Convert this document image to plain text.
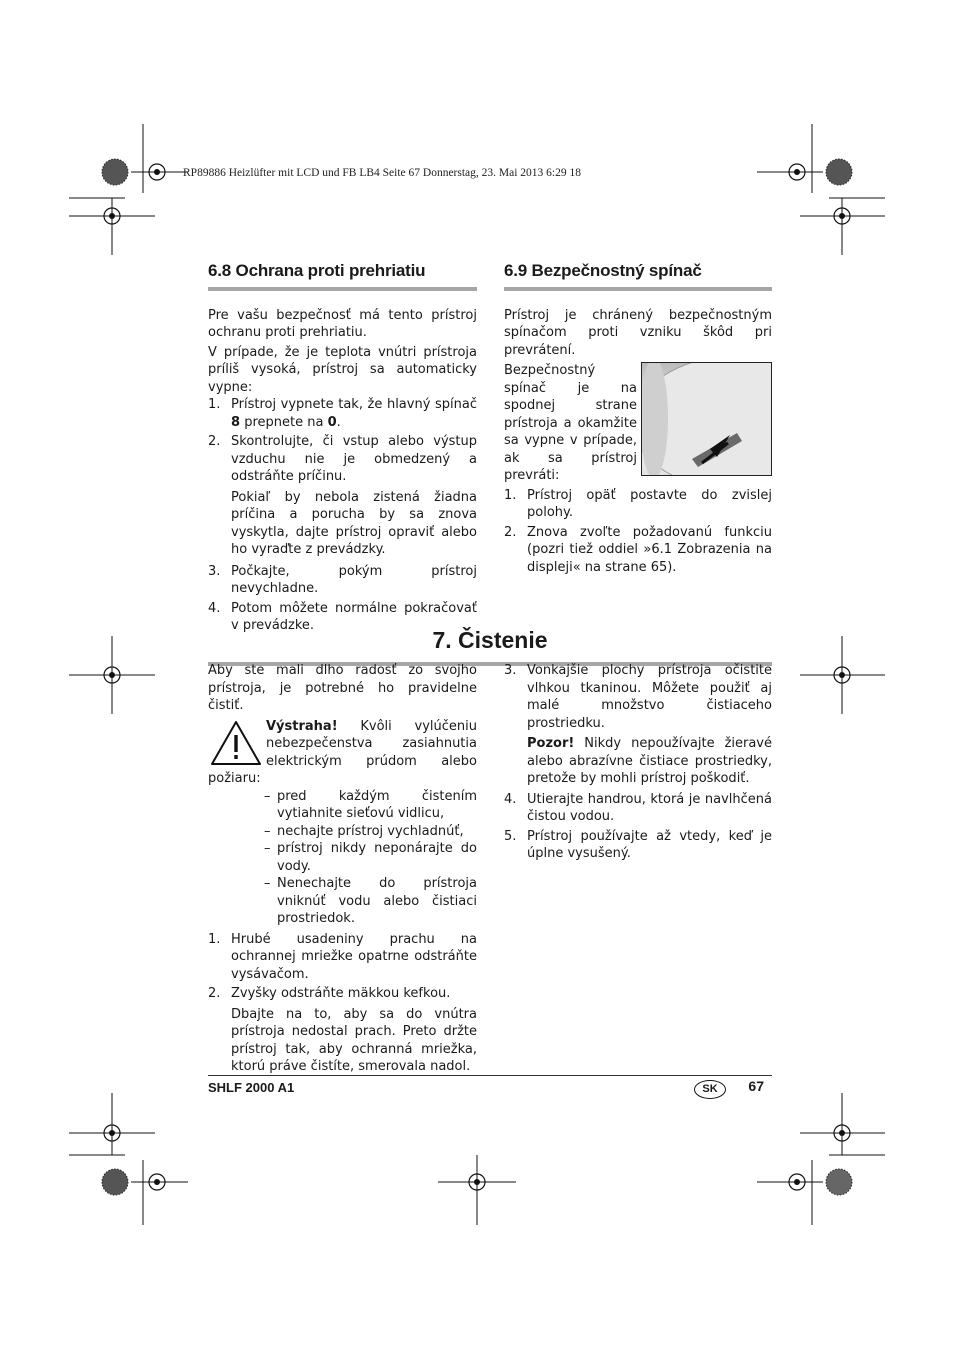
RP89886 Heizlüfter mit LCD und FB LB4 Seite 67 Donnerstag, 23. Mai 2013 6:29 18
6.8 Ochrana proti prehriatiu

Pre vašu bezpečnosť má tento prístroj ochranu proti prehriatiu.

V prípade, že je teplota vnútri prístroja príliš vysoká, prístroj sa automaticky vypne:

1. Prístroj vypnete tak, že hlavný spínač 8 prepnete na 0.
2. Skontrolujte, či vstup alebo výstup vzduchu nie je obmedzený a odstráňte príčinu.

Pokiaľ by nebola zistená žiadna príčina a porucha by sa znova vyskytla, dajte prístroj opraviť alebo ho vyraďte z prevádzky.

3. Počkajte, pokým prístroj nevychladne.
4. Potom môžete normálne pokračovať v prevádzke.
6.9 Bezpečnostný spínač

Prístroj je chránený bezpečnostným spínačom proti vzniku škôd pri prevrátení.

Bezpečnostný spínač je na spodnej strane prístroja a okamžite sa vypne v prípade, ak sa prístroj prevráti:

1. Prístroj opäť postavte do zvislej polohy.
2. Znova zvoľte požadovanú funkciu (pozri tiež oddiel »6.1 Zobrazenia na displeji« na strane 65).
7. Čistenie

Aby ste mali dlho radosť zo svojho prístroja, je potrebné ho pravidelne čistiť.

Výstraha! Kvôli vylúčeniu nebezpečenstva zasiahnutia elektrickým prúdom alebo požiaru:

– pred každým čistením vytiahnite sieťovú vidlicu,
– nechajte prístroj vychladnúť,
– prístroj nikdy neponárajte do vody.
– Nenechajte do prístroja vniknúť vodu alebo čistiaci prostriedok.
1. Hrubé usadeniny prachu na ochrannej mriežke opatrne odstráňte vysávačom.
2. Zvyšky odstráňte mäkkou kefkou.

Dbajte na to, aby sa do vnútra prístroja nedostal prach. Preto držte prístroj tak, aby ochranná mriežka, ktorú práve čistíte, smerovala nadol.

3. Vonkajšie plochy prístroja očistite vlhkou tkaninou. Môžete použiť aj malé množstvo čistiaceho prostriedku.

Pozor! Nikdy nepoužívajte žieravé alebo abrazívne čistiace prostriedky, pretože by mohli prístroj poškodiť.

4. Utierajte handrou, ktorá je navlhčená čistou vodou.
5. Prístroj používajte až vtedy, keď je úplne vysušený.
SHLF 2000 A1	SK	67
